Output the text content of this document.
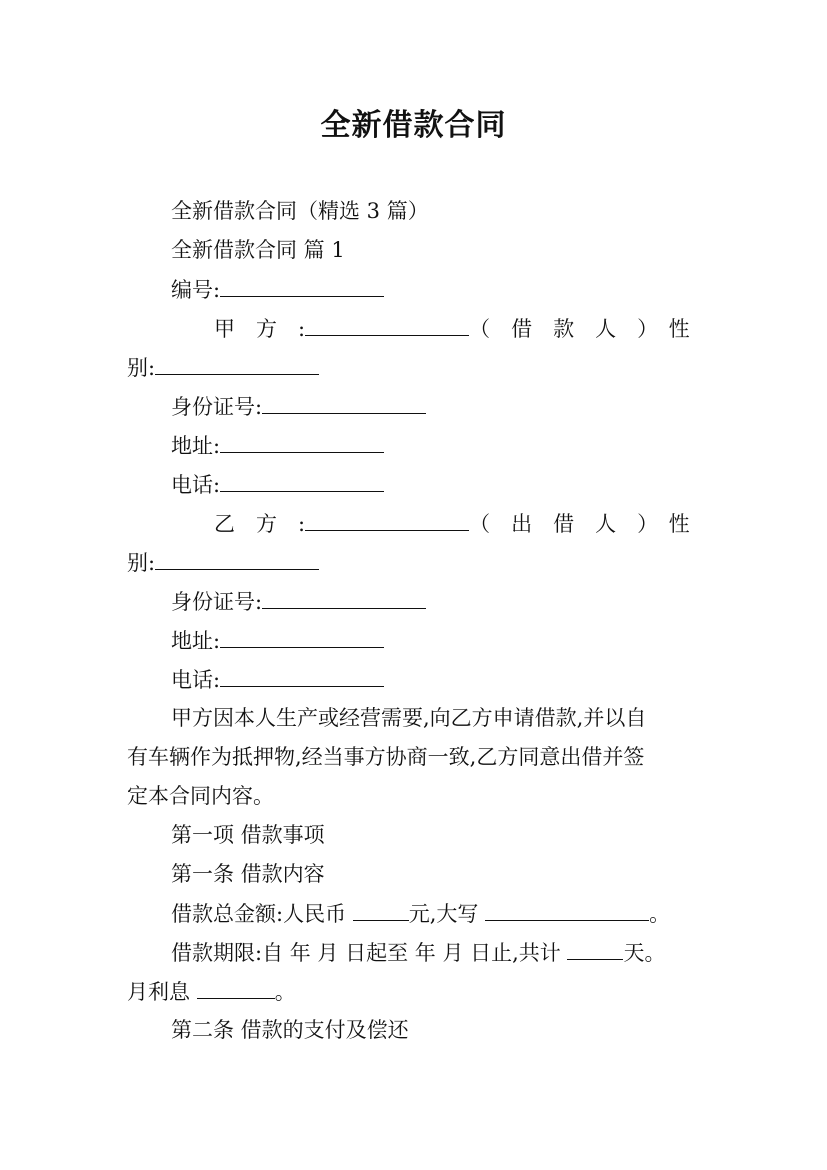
全新借款合同
全新借款合同（精选 3 篇）
全新借款合同 篇 1
编号:
甲　方　:	（　借　款　人　）　性
别:
身份证号:
地址:
电话:
乙　方　:	（　出　借　人　）　性
别:
身份证号:
地址:
电话:
甲方因本人生产或经营需要,向乙方申请借款,并以自
有车辆作为抵押物,经当事方协商一致,乙方同意出借并签
定本合同内容。
第一项 借款事项
第一条 借款内容
借款总金额:人民币	元,大写	。
借款期限:自 年 月 日起至 年 月 日止,共计	天。
月利息	。
第二条 借款的支付及偿还
